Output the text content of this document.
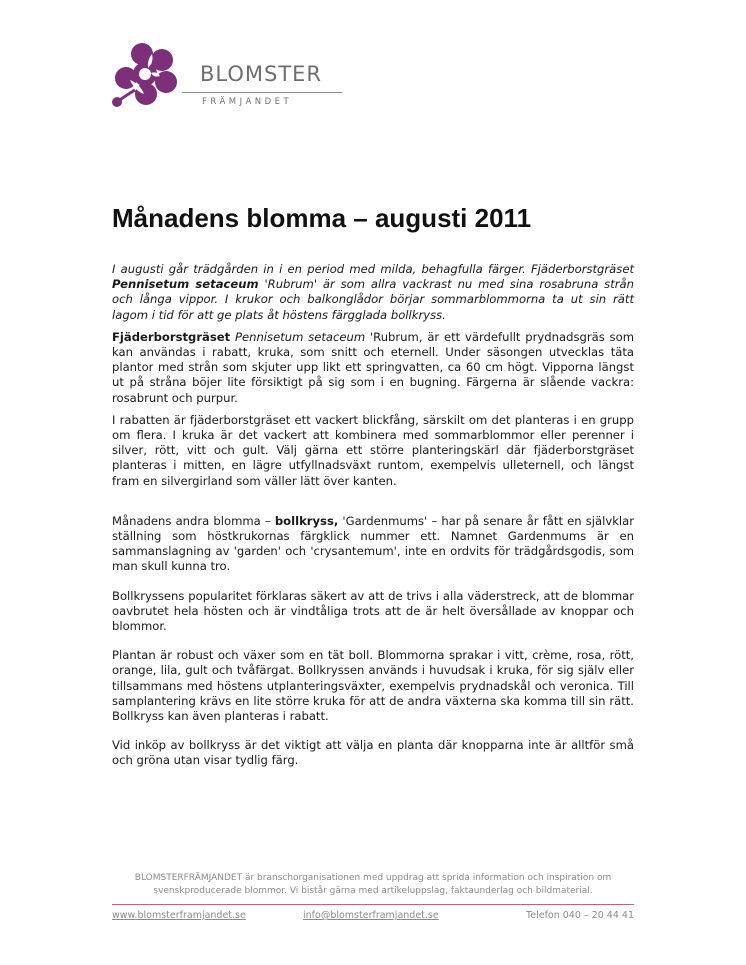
BLOMSTER
FRÄMJANDET
Månadens blomma – augusti 2011

I augusti går trädgården in i en period med milda, behagfulla färger. Fjäderborstgräset Pennisetum setaceum 'Rubrum' är som allra vackrast nu med sina rosabruna strån och långa vippor. I krukor och balkonglådor börjar sommarblommorna ta ut sin rätt lagom i tid för att ge plats åt höstens färgglada bollkryss.

Fjäderborstgräset Pennisetum setaceum 'Rubrum, är ett värdefullt prydnadsgräs som kan användas i rabatt, kruka, som snitt och eternell. Under säsongen utvecklas täta plantor med strån som skjuter upp likt ett springvatten, ca 60 cm högt. Vipporna längst ut på stråna böjer lite försiktigt på sig som i en bugning. Färgerna är slående vackra: rosabrunt och purpur.

I rabatten är fjäderborstgräset ett vackert blickfång, särskilt om det planteras i en grupp om flera. I kruka är det vackert att kombinera med sommarblommor eller perenner i silver, rött, vitt och gult. Välj gärna ett större planteringskärl där fjäderborstgräset planteras i mitten, en lägre utfyllnadsväxt runtom, exempelvis ulleternell, och längst fram en silvergirland som väller lätt över kanten.

Månadens andra blomma – bollkryss, 'Gardenmums' – har på senare år fått en självklar ställning som höstkrukornas färgklick nummer ett. Namnet Gardenmums är en sammanslagning av 'garden' och 'crysantemum', inte en ordvits för trädgårdsgodis, som man skull kunna tro.

Bollkryssens popularitet förklaras säkert av att de trivs i alla väderstreck, att de blommar oavbrutet hela hösten och är vindtåliga trots att de är helt översållade av knoppar och blommor.

Plantan är robust och växer som en tät boll. Blommorna sprakar i vitt, crème, rosa, rött, orange, lila, gult och tvåfärgat. Bollkryssen används i huvudsak i kruka, för sig själv eller tillsammans med höstens utplanteringsväxter, exempelvis prydnadskål och veronica. Till samplantering krävs en lite större kruka för att de andra växterna ska komma till sin rätt. Bollkryss kan även planteras i rabatt.

Vid inköp av bollkryss är det viktigt att välja en planta där knopparna inte är alltför små och gröna utan visar tydlig färg.

BLOMSTERFRÄMJANDET är branschorganisationen med uppdrag att sprida information och inspiration om svenskproducerade blommor. Vi bistår gärna med artikeluppslag, faktaunderlag och bildmaterial.
www.blomsterframjandet.se	info@blomsterframjandet.se	Telefon 040 – 20 44 41
